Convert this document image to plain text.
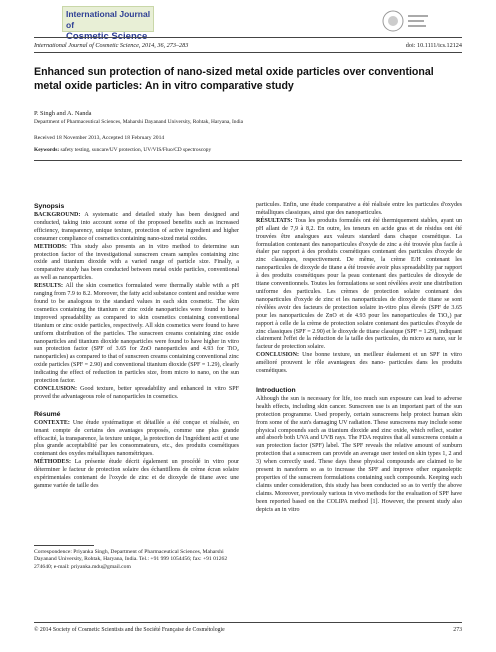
International Journal of
Cosmetic Science
International Journal of Cosmetic Science, 2014, 36, 273–283	doi: 10.1111/ics.12124
Enhanced sun protection of nano-sized metal oxide particles over conventional metal oxide particles: An in vitro comparative study
P. Singh and A. Nanda
Department of Pharmaceutical Sciences, Maharshi Dayanand University, Rohtak, Haryana, India
Received 18 November 2013, Accepted 18 February 2014
Keywords: safety testing, suncare/UV protection, UV/VIS/Fluo/CD spectroscopy
Synopsis

BACKGROUND: A systematic and detailed study has been designed and conducted, taking into account some of the proposed benefits such as increased efficiency, transparency, unique texture, protection of active ingredient and higher consumer compliance of cosmetics containing nano-sized metal oxides.

METHODS: This study also presents an in vitro method to determine sun protection factor of the investigational sunscreen cream samples containing zinc oxide and titanium dioxide with a varied range of particle size. Finally, a comparative study has been conducted between metal oxide particles, conventional as well as nanoparticles.

RESULTS: All the skin cosmetics formulated were thermally stable with a pH ranging from 7.9 to 8.2. Moreover, the fatty acid substance content and residue were found to be analogous to the standard values in each skin cosmetic. The skin cosmetics containing the titanium or zinc oxide nanoparticles were found to have improved spreadability as compared to skin cosmetics containing conventional titanium or zinc oxide particles, respectively. All skin cosmetics were found to have uniform distribution of the particles. The sunscreen creams containing zinc oxide nanoparticles and titanium dioxide nanoparticles were found to have higher in vitro sun protection factor (SPF of 3.65 for ZnO nanoparticles and 4.93 for TiO₂ nanoparticles) as compared to that of sunscreen creams containing conventional zinc oxide particles (SPF = 2.90) and conventional titanium dioxide (SPF = 1.29), clearly indicating the effect of reduction in particles size, from micro to nano, on the sun protection factor.

CONCLUSION: Good texture, better spreadability and enhanced in vitro SPF proved the advantageous role of nanoparticles in cosmetics.

Résumé

CONTEXTE: Une étude systématique et détaillée a été conçue et réalisée, en tenant compte de certains des avantages proposés, comme une plus grande efficacité, la transparence, la texture unique, la protection de l'ingrédient actif et une plus grande acceptabilité par les consommateurs, etc., des produits cosmétiques contenant des oxydes métalliques nanométriques.

MÉTHODES: La présente étude décrit également un procédé in vitro pour déterminer le facteur de protection solaire des échantillons de crème écran solaire expérimentales contenant de l'oxyde de zinc et de dioxyde de titane avec une gamme variée de taille des

Correspondence: Priyanka Singh, Department of Pharmaceutical Sciences, Maharshi Dayanand University, Rohtak, Haryana, India. Tel.: +91 999 1054456; fax: +91 01262 274640; e-mail: priyanka.mdu@gmail.com

particules. Enfin, une étude comparative a été réalisée entre les particules d'oxydes métalliques classiques, ainsi que des nanoparticules.

RÉSULTATS: Tous les produits formulés ont été thermiquement stables, ayant un pH allant de 7,9 à 8,2. En outre, les teneurs en acide gras et de résidus ont été trouvées être analogues aux valeurs standard dans chaque cosmétique. La formulation contenant des nanoparticules d'oxyde de zinc a été trouvée plus facile à étaler par rapport à des produits cosmétiques contenant des particules d'oxyde de zinc classiques, respectivement. De même, la crème E/H contenant les nanoparticules de dioxyde de titane a été trouvée avoir plus spreadability par rapport à des produits cosmétiques pour la peau contenant des particules de dioxyde de titane conventionnels. Toutes les formulations se sont révélées avoir une distribution uniforme des particules. Les crèmes de protection solaire contenant des nanoparticules d'oxyde de zinc et les nanoparticules de dioxyde de titane se sont révélées avoir des facteurs de protection solaire in-vitro plus élevés (SPF de 3.65 pour les nanoparticules de ZnO et de 4.93 pour les nanoparticules de TiO₂) par rapport à celle de la crème de protection solaire contenant des particules d'oxyde de zinc classiques (SPF = 2.90) et le dioxyde de titane classique (SPF = 1.29), indiquant clairement l'effet de la réduction de la taille des particules, du micro au nano, sur le facteur de protection solaire.

CONCLUSION: Une bonne texture, un meilleur étalement et un SPF in vitro amélioré prouvent le rôle avantageux des nano- particules dans les produits cosmétiques.

Introduction

Although the sun is necessary for life, too much sun exposure can lead to adverse health effects, including skin cancer. Sunscreen use is an important part of the sun protection programme. Used properly, certain sunscreens help protect human skin from some of the sun's damaging UV radiation. These sunscreens may include some physical compounds such as titanium dioxide and zinc oxide, which reflect, scatter and absorb both UVA and UVB rays. The FDA requires that all sunscreens contain a sun protection factor (SPF) label. The SPF reveals the relative amount of sunburn protection that a sunscreen can provide an average user tested on skin types 1, 2 and 3) when correctly used. These days these physical compounds are claimed to be present in nanoform so as to increase the SPF and improve other organoleptic properties of the sunscreen formulations containing such compounds. Keeping such claims under consideration, this study has been conducted so as to verify the above claims. Moreover, previously various in vivo methods for the evaluation of SPF have been reported based on the COLIPA method [1]. However, the present study also depicts an in vitro

© 2014 Society of Cosmetic Scientists and the Société Française de Cosmétologie	273
